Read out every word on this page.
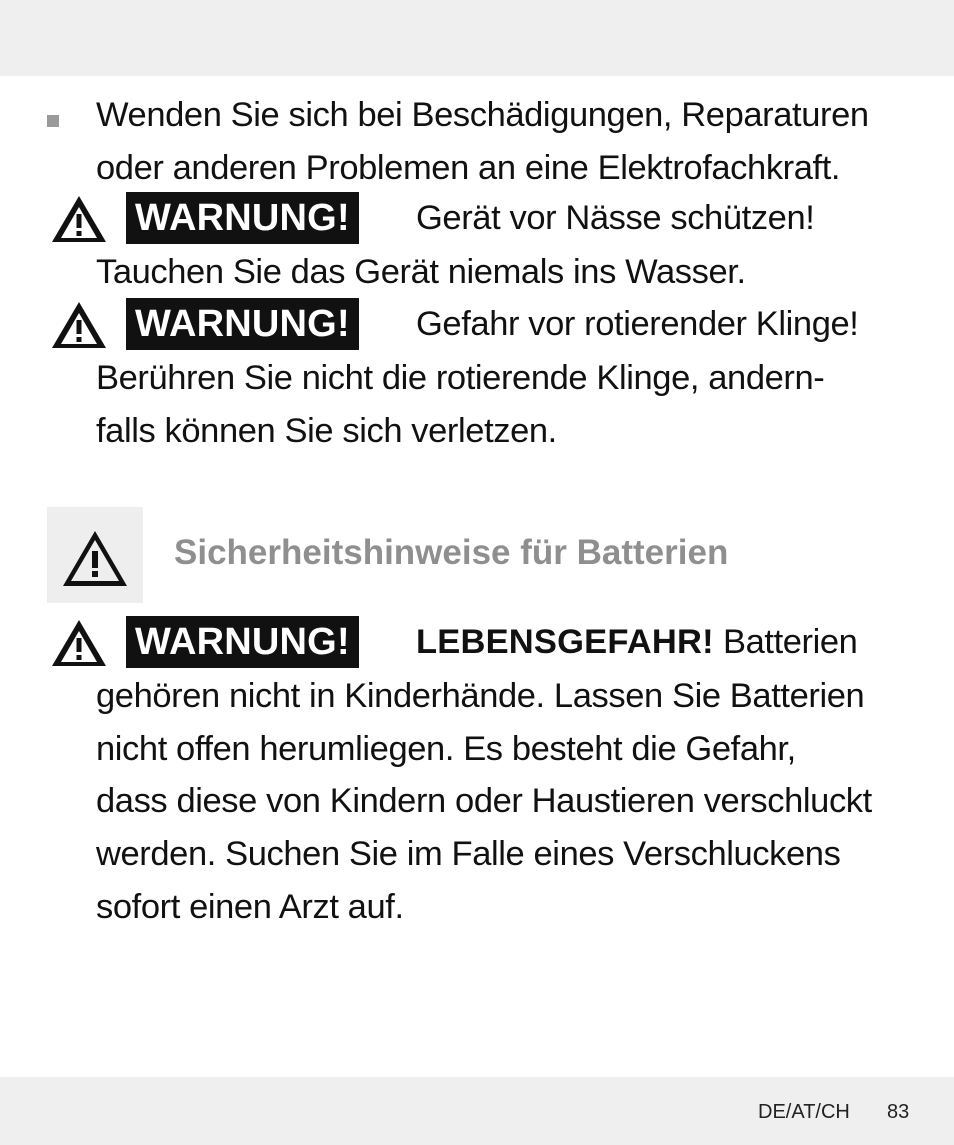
Wenden Sie sich bei Beschädigungen, Reparaturen
oder anderen Problemen an eine Elektrofachkraft.
WARNUNG! Gerät vor Nässe schützen!
Tauchen Sie das Gerät niemals ins Wasser.
WARNUNG! Gefahr vor rotierender Klinge!
Berühren Sie nicht die rotierende Klinge, andern-
falls können Sie sich verletzen.
Sicherheitshinweise für Batterien
WARNUNG! LEBENSGEFAHR! Batterien
gehören nicht in Kinderhände. Lassen Sie Batterien
nicht offen herumliegen. Es besteht die Gefahr,
dass diese von Kindern oder Haustieren verschluckt
werden. Suchen Sie im Falle eines Verschluckens
sofort einen Arzt auf.
DE/AT/CH 83
